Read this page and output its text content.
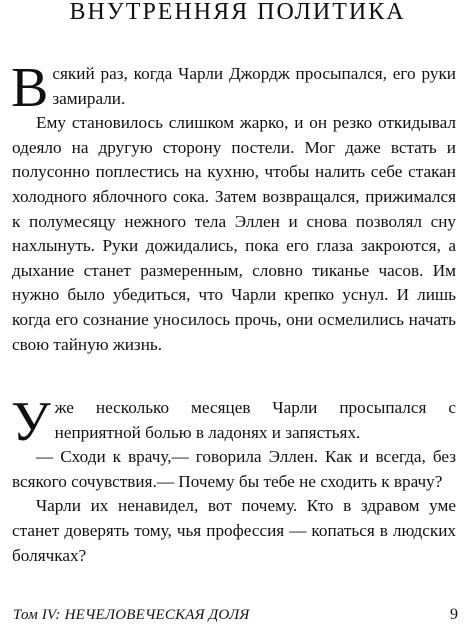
ВНУТРЕННЯЯ ПОЛИТИКА

Всякий раз, когда Чарли Джордж просыпался, его руки замирали.

Ему становилось слишком жарко, и он резко откидывал одеяло на другую сторону постели. Мог даже встать и полусонно поплестись на кухню, чтобы налить себе стакан холодного яблочного сока. Затем возвращался, прижимался к полумесяцу нежного тела Эллен и снова позволял сну нахлынуть. Руки дожидались, пока его глаза закроются, а дыхание станет размеренным, словно тиканье часов. Им нужно было убедиться, что Чарли крепко уснул. И лишь когда его сознание уносилось прочь, они осмелились начать свою тайную жизнь.

Уже несколько месяцев Чарли просыпался с неприятной болью в ладонях и запястьях.

— Сходи к врачу,— говорила Эллен. Как и всегда, без всякого сочувствия.— Почему бы тебе не сходить к врачу?

Чарли их ненавидел, вот почему. Кто в здравом уме станет доверять тому, чья профессия — копаться в людских болячках?

Том IV: НЕЧЕЛОВЕЧЕСКАЯ ДОЛЯ	9
